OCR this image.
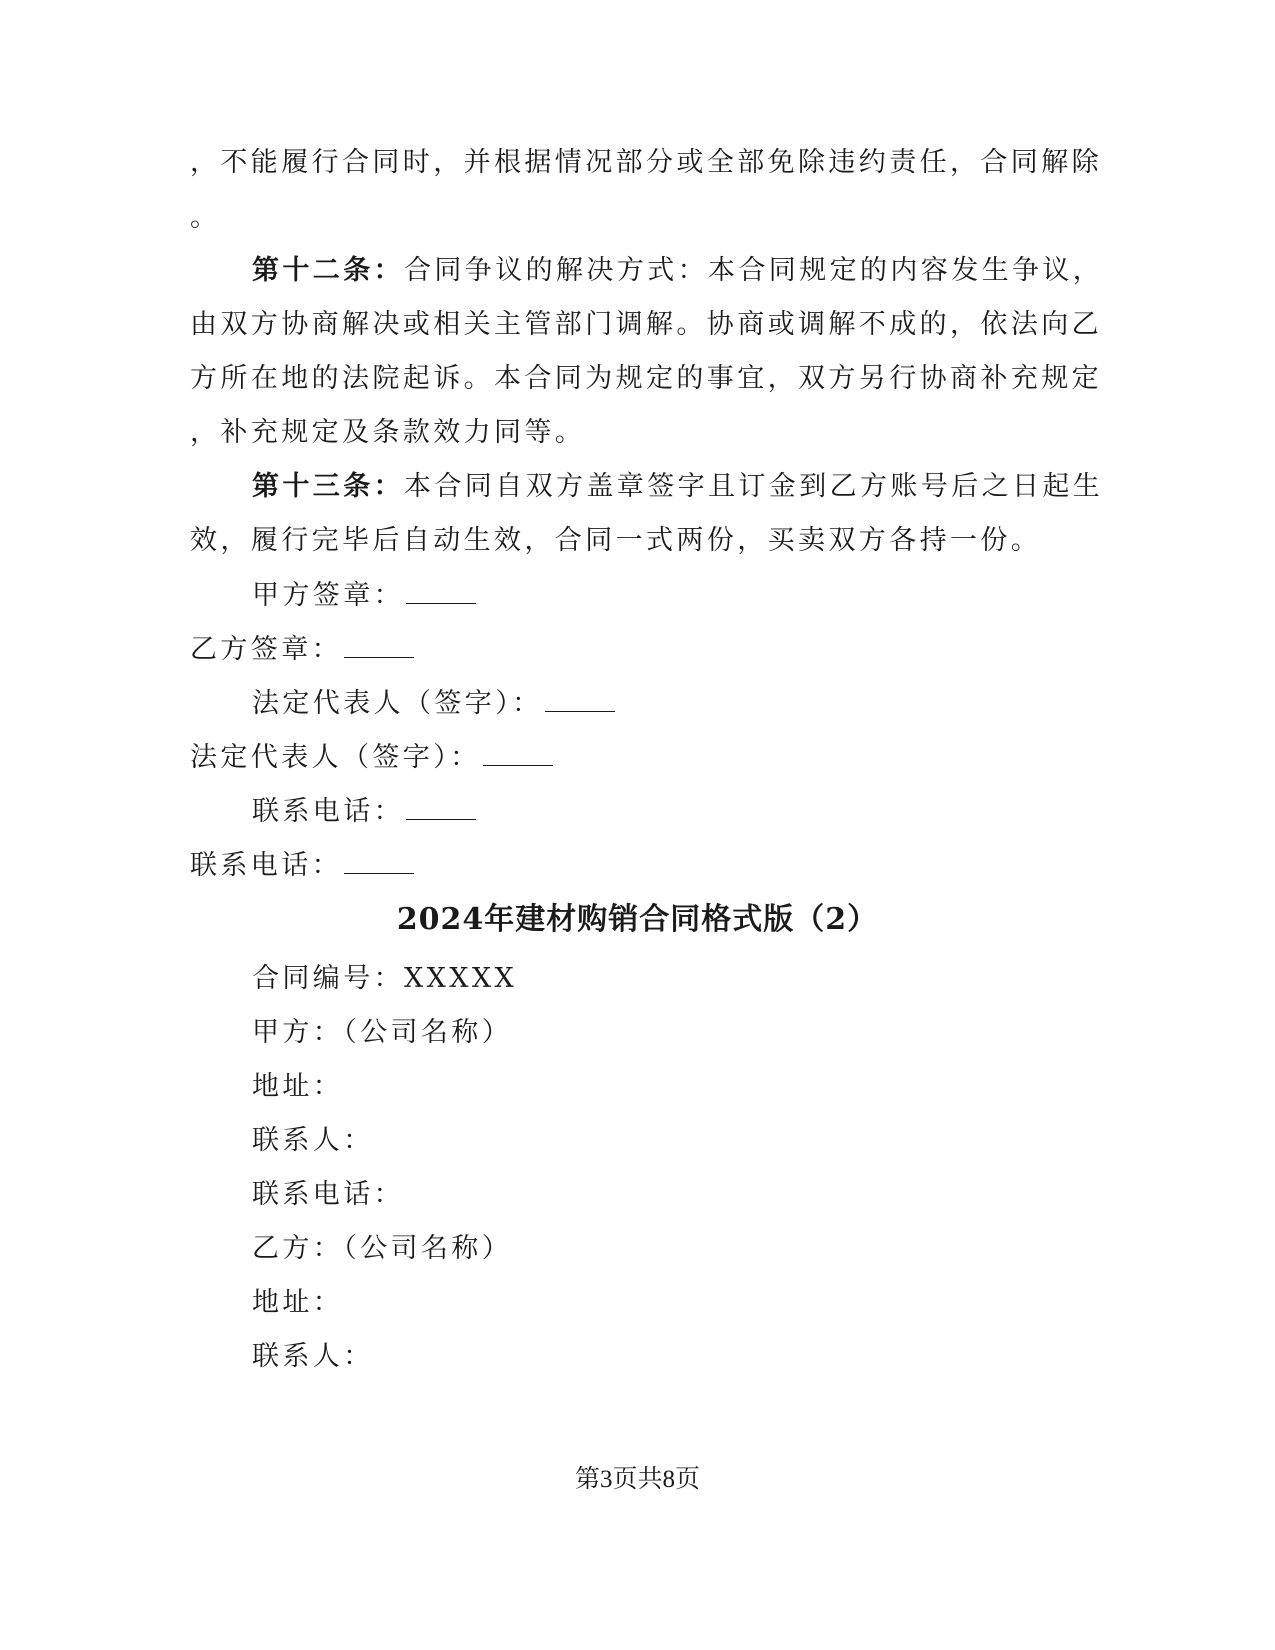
，不能履行合同时，并根据情况部分或全部免除违约责任，合同解除
。
第十二条：合同争议的解决方式：本合同规定的内容发生争议，
由双方协商解决或相关主管部门调解。协商或调解不成的，依法向乙
方所在地的法院起诉。本合同为规定的事宜，双方另行协商补充规定
，补充规定及条款效力同等。
第十三条：本合同自双方盖章签字且订金到乙方账号后之日起生
效，履行完毕后自动生效，合同一式两份，买卖双方各持一份。
甲方签章：
乙方签章：
法定代表人（签字）：
法定代表人（签字）：
联系电话：
联系电话：
2024年建材购销合同格式版（2）
合同编号：XXXXX
甲方：（公司名称）
地址：
联系人：
联系电话：
乙方：（公司名称）
地址：
联系人：
第3页共8页
